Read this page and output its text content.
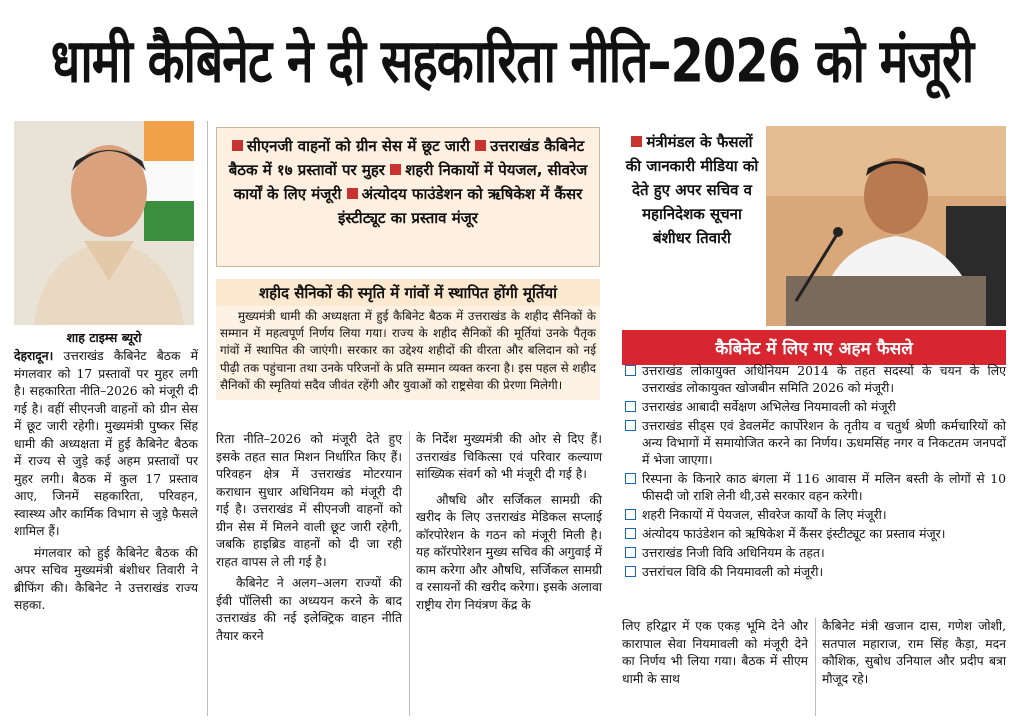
धामी कैबिनेट ने दी सहकारिता नीति–2026 को मंजूरी
शाह टाइम्स ब्यूरो

देहरादून। उत्तराखंड कैबिनेट बैठक में मंगलवार को 17 प्रस्तावों पर मुहर लगी है। सहकारिता नीति–2026 को मंजूरी दी गई है। वहीं सीएनजी वाहनों को ग्रीन सेस में छूट जारी रहेगी। मुख्यमंत्री पुष्कर सिंह धामी की अध्यक्षता में हुई कैबिनेट बैठक में राज्य से जुड़े कई अहम प्रस्तावों पर मुहर लगी। बैठक में कुल 17 प्रस्ताव आए, जिनमें सहकारिता, परिवहन, स्वास्थ्य और कार्मिक विभाग से जुड़े फैसले शामिल हैं।

मंगलवार को हुई कैबिनेट बैठक की अपर सचिव मुख्यमंत्री बंशीधर तिवारी ने ब्रीफिंग की। कैबिनेट ने उत्तराखंड राज्य सहका.

सीएनजी वाहनों को ग्रीन सेस में छूट जारी उत्तराखंड कैबिनेट बैठक में १७ प्रस्तावों पर मुहर शहरी निकायों में पेयजल, सीवरेज कार्यों के लिए मंजूरी अंत्योदय फाउंडेशन को ऋषिकेश में कैंसर इंस्टीट्यूट का प्रस्ताव मंजूर
शहीद सैनिकों की स्मृति में गांवों में स्थापित होंगी मूर्तियां

मुख्यमंत्री धामी की अध्यक्षता में हुई कैबिनेट बैठक में उत्तराखंड के शहीद सैनिकों के सम्मान में महत्वपूर्ण निर्णय लिया गया। राज्य के शहीद सैनिकों की मूर्तियां उनके पैतृक गांवों में स्थापित की जाएंगी। सरकार का उद्देश्य शहीदों की वीरता और बलिदान को नई पीढ़ी तक पहुंचाना तथा उनके परिजनों के प्रति सम्मान व्यक्त करना है। इस पहल से शहीद सैनिकों की स्मृतियां सदैव जीवंत रहेंगी और युवाओं को राष्ट्रसेवा की प्रेरणा मिलेगी।

रिता नीति–2026 को मंजूरी देते हुए इसके तहत सात मिशन निर्धारित किए हैं। परिवहन क्षेत्र में उत्तराखंड मोटरयान कराधान सुधार अधिनियम को मंजूरी दी गई है। उत्तराखंड में सीएनजी वाहनों को ग्रीन सेस में मिलने वाली छूट जारी रहेगी, जबकि हाइब्रिड वाहनों को दी जा रही राहत वापस ले ली गई है।

कैबिनेट ने अलग–अलग राज्यों की ईवी पॉलिसी का अध्ययन करने के बाद उत्तराखंड की नई इलेक्ट्रिक वाहन नीति तैयार करने

के निर्देश मुख्यमंत्री की ओर से दिए हैं। उत्तराखंड चिकित्सा एवं परिवार कल्याण सांख्यिक संवर्ग को भी मंजूरी दी गई है।

औषधि और सर्जिकल सामग्री की खरीद के लिए उत्तराखंड मेडिकल सप्लाई कॉरपोरेशन के गठन को मंजूरी मिली है। यह कॉरपोरेशन मुख्य सचिव की अगुवाई में काम करेगा और औषधि, सर्जिकल सामग्री व रसायनों की खरीद करेगा। इसके अलावा राष्ट्रीय रोग नियंत्रण केंद्र के

मंत्रीमंडल के फैसलों की जानकारी मीडिया को देते हुए अपर सचिव व महानिदेशक सूचना बंशीधर तिवारी
कैबिनेट में लिए गए अहम फैसले
उत्तराखंड लोकायुक्त अधिनियम 2014 के तहत सदस्यों के चयन के लिए उत्तराखंड लोकायुक्त खोजबीन समिति 2026 को मंजूरी।
उत्तराखंड आबादी सर्वेक्षण अभिलेख नियमावली को मंजूरी
उत्तराखंड सीड्स एवं डेवलमेंट कार्पोरेशन के तृतीय व चतुर्थ श्रेणी कर्मचारियों को अन्य विभागों में समायोजित करने का निर्णय। ऊधमसिंह नगर व निकटतम जनपदों में भेजा जाएगा।
रिस्पना के किनारे काठ बंगला में 116 आवास में मलिन बस्ती के लोगों से 10 फीसदी जो राशि लेनी थी,उसे सरकार वहन करेगी।
शहरी निकायों में पेयजल, सीवरेज कार्यों के लिए मंजूरी।
अंत्योदय फाउंडेशन को ऋषिकेश में कैंसर इंस्टीट्यूट का प्रस्ताव मंजूर।
उत्तराखंड निजी विवि अधिनियम के तहत।
उत्तरांचल विवि की नियमावली को मंजूरी।

लिए हरिद्वार में एक एकड़ भूमि देने और कारापाल सेवा नियमावली को मंजूरी देने का निर्णय भी लिया गया। बैठक में सीएम धामी के साथ

कैबिनेट मंत्री खजान दास, गणेश जोशी, सतपाल महाराज, राम सिंह कैड़ा, मदन कौशिक, सुबोध उनियाल और प्रदीप बत्रा मौजूद रहे।
